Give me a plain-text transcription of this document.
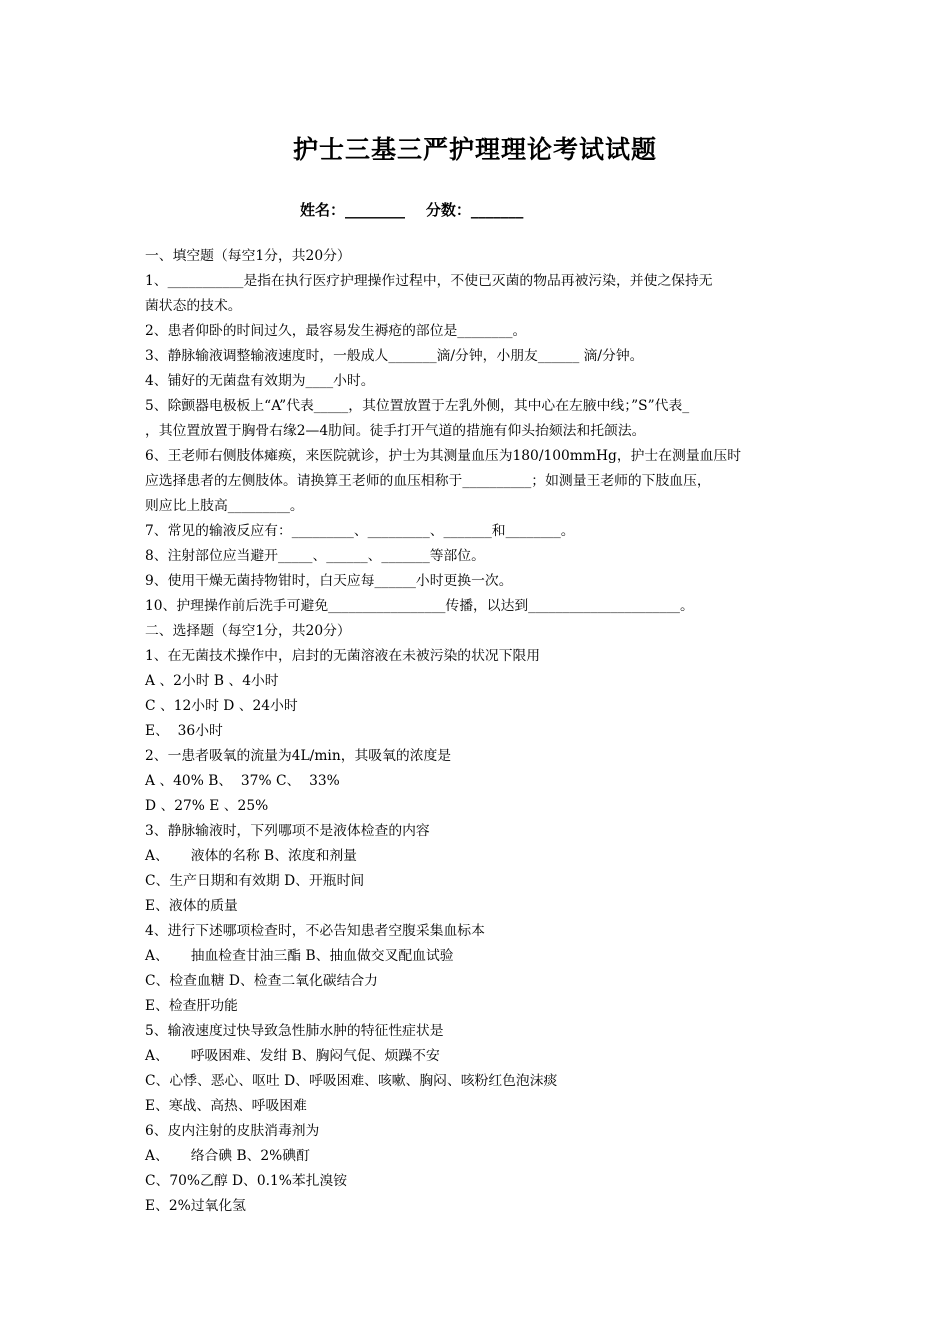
护士三基三严护理理论考试试题
姓名：________    分数：_______
一、填空题（每空1分，共20分）
1、___________是指在执行医疗护理操作过程中，不使已灭菌的物品再被污染，并使之保持无
菌状态的技术。
2、患者仰卧的时间过久，最容易发生褥疮的部位是________。
3、静脉输液调整输液速度时，一般成人_______滴/分钟，小朋友______ 滴/分钟。
4、铺好的无菌盘有效期为____小时。
5、除颤器电极板上“A”代表_____，其位置放置于左乳外侧，其中心在左腋中线；”S”代表_
，其位置放置于胸骨右缘2—4肋间。徒手打开气道的措施有仰头抬颏法和托颌法。
6、王老师右侧肢体瘫痪，来医院就诊，护士为其测量血压为180/100mmHg，护士在测量血压时
应选择患者的左侧肢体。请换算王老师的血压相称于__________；如测量王老师的下肢血压，
则应比上肢高_________。
7、常见的输液反应有：_________、_________、_______和________。
8、注射部位应当避开_____、______、_______等部位。
9、使用干燥无菌持物钳时，白天应每______小时更换一次。
10、护理操作前后洗手可避免_________________传播，以达到______________________。
二、选择题（每空1分，共20分）
1、在无菌技术操作中，启封的无菌溶液在未被污染的状况下限用
A 、2小时 B 、4小时
C 、12小时 D 、24小时
E、  36小时
2、一患者吸氧的流量为4L/min，其吸氧的浓度是
A 、40% B、  37% C、  33%
D 、27% E 、25%
3、静脉输液时，下列哪项不是液体检查的内容
A、     液体的名称 B、浓度和剂量
C、生产日期和有效期 D、开瓶时间
E、液体的质量
4、进行下述哪项检查时，不必告知患者空腹采集血标本
A、     抽血检查甘油三酯 B、抽血做交叉配血试验
C、检查血糖 D、检查二氧化碳结合力
E、检查肝功能
5、输液速度过快导致急性肺水肿的特征性症状是
A、     呼吸困难、发绀 B、胸闷气促、烦躁不安
C、心悸、恶心、呕吐 D、呼吸困难、咳嗽、胸闷、咳粉红色泡沫痰
E、寒战、高热、呼吸困难
6、皮内注射的皮肤消毒剂为
A、     络合碘 B、2%碘酊
C、70%乙醇 D、0.1%苯扎溴铵
E、2%过氧化氢
